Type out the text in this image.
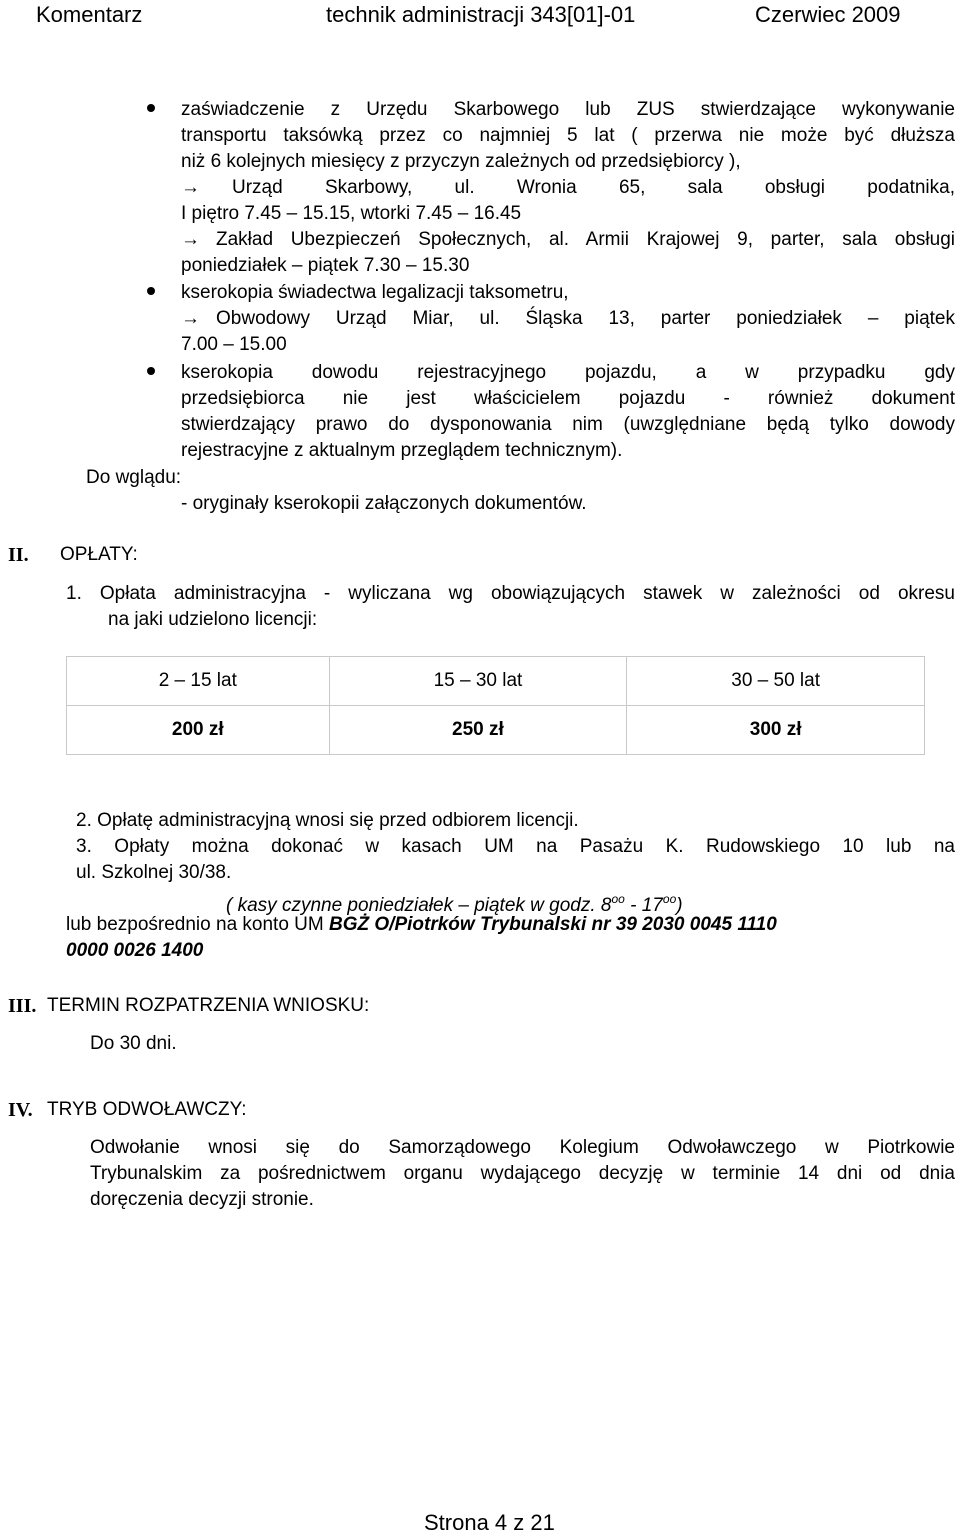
Komentarz	technik administracji 343[01]-01	Czerwiec 2009
zaświadczenie z Urzędu Skarbowego lub ZUS stwierdzające wykonywanie
transportu taksówką przez co najmniej 5 lat ( przerwa nie może być dłuższa
niż 6 kolejnych miesięcy z przyczyn zależnych od przedsiębiorcy ),
→ Urząd Skarbowy, ul. Wronia 65, sala obsługi podatnika,
I piętro 7.45 – 15.15, wtorki 7.45 – 16.45
→ Zakład Ubezpieczeń Społecznych, al. Armii Krajowej 9, parter, sala obsługi
poniedziałek – piątek 7.30 – 15.30
kserokopia świadectwa legalizacji taksometru,
→ Obwodowy Urząd Miar, ul. Śląska 13, parter poniedziałek – piątek
7.00 – 15.00
kserokopia dowodu rejestracyjnego pojazdu, a w przypadku gdy
przedsiębiorca nie jest właścicielem pojazdu - również dokument
stwierdzający prawo do dysponowania nim (uwzględniane będą tylko dowody
rejestracyjne z aktualnym przeglądem technicznym).
Do wglądu:
- oryginały kserokopii załączonych dokumentów.
II. OPŁATY:
1. Opłata administracyjna - wyliczana wg obowiązujących stawek w zależności od okresu
na jaki udzielono licencji:
2 – 15 lat	15 – 30 lat	30 – 50 lat
200 zł	250 zł	300 zł
2. Opłatę administracyjną wnosi się przed odbiorem licencji.
3. Opłaty można dokonać w kasach UM na Pasażu K. Rudowskiego 10 lub na
ul. Szkolnej 30/38.
( kasy czynne poniedziałek – piątek w godz. $8^{oo} - 17^{oo}$)
lub bezpośrednio na konto UM BGŻ O/Piotrków Trybunalski nr 39 2030 0045 1110
0000 0026 1400
III. TERMIN ROZPATRZENIA WNIOSKU:
Do 30 dni.
IV. TRYB ODWOŁAWCZY:
Odwołanie wnosi się do Samorządowego Kolegium Odwoławczego w Piotrkowie
Trybunalskim za pośrednictwem organu wydającego decyzję w terminie 14 dni od dnia
doręczenia decyzji stronie.
Strona 4 z 21
